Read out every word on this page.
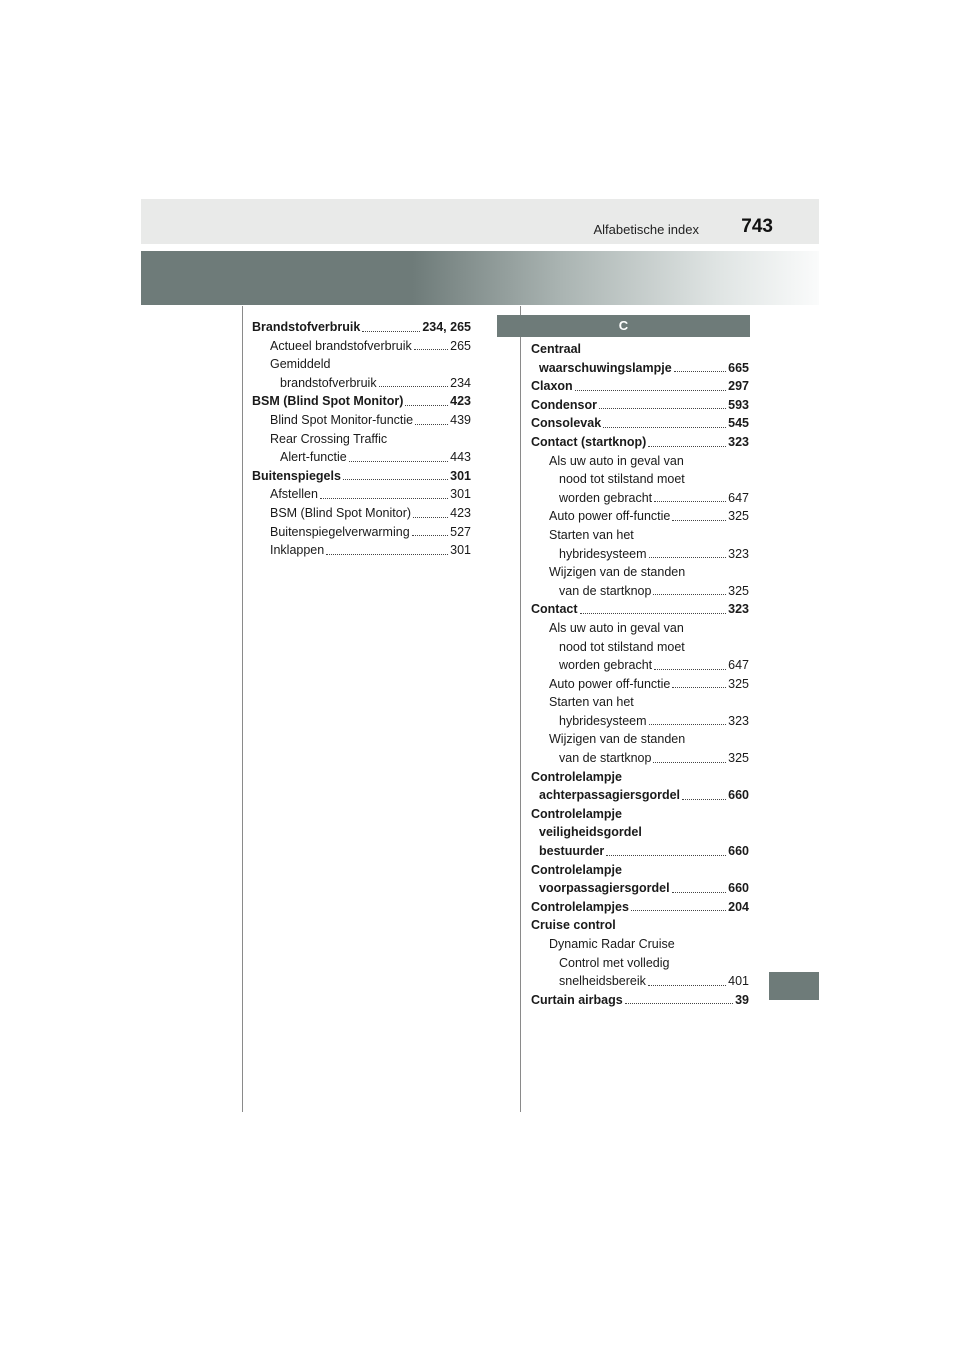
Alfabetische index 743
Brandstofverbruik	234, 265
Actueel brandstofverbruik	265
Gemiddeld
brandstofverbruik	234
BSM (Blind Spot Monitor)	423
Blind Spot Monitor-functie	439
Rear Crossing Traffic
Alert-functie	443
Buitenspiegels	301
Afstellen	301
BSM (Blind Spot Monitor)	423
Buitenspiegelverwarming	527
Inklappen	301
C
Centraal
waarschuwingslampje	665
Claxon	297
Condensor	593
Consolevak	545
Contact (startknop)	323
Als uw auto in geval van
nood tot stilstand moet
worden gebracht	647
Auto power off-functie	325
Starten van het
hybridesysteem	323
Wijzigen van de standen
van de startknop	325
Contact	323
Als uw auto in geval van
nood tot stilstand moet
worden gebracht	647
Auto power off-functie	325
Starten van het
hybridesysteem	323
Wijzigen van de standen
van de startknop	325
Controlelampje
achterpassagiersgordel	660
Controlelampje
veiligheidsgordel
bestuurder	660
Controlelampje
voorpassagiersgordel	660
Controlelampjes	204
Cruise control
Dynamic Radar Cruise
Control met volledig
snelheidsbereik	401
Curtain airbags	39
